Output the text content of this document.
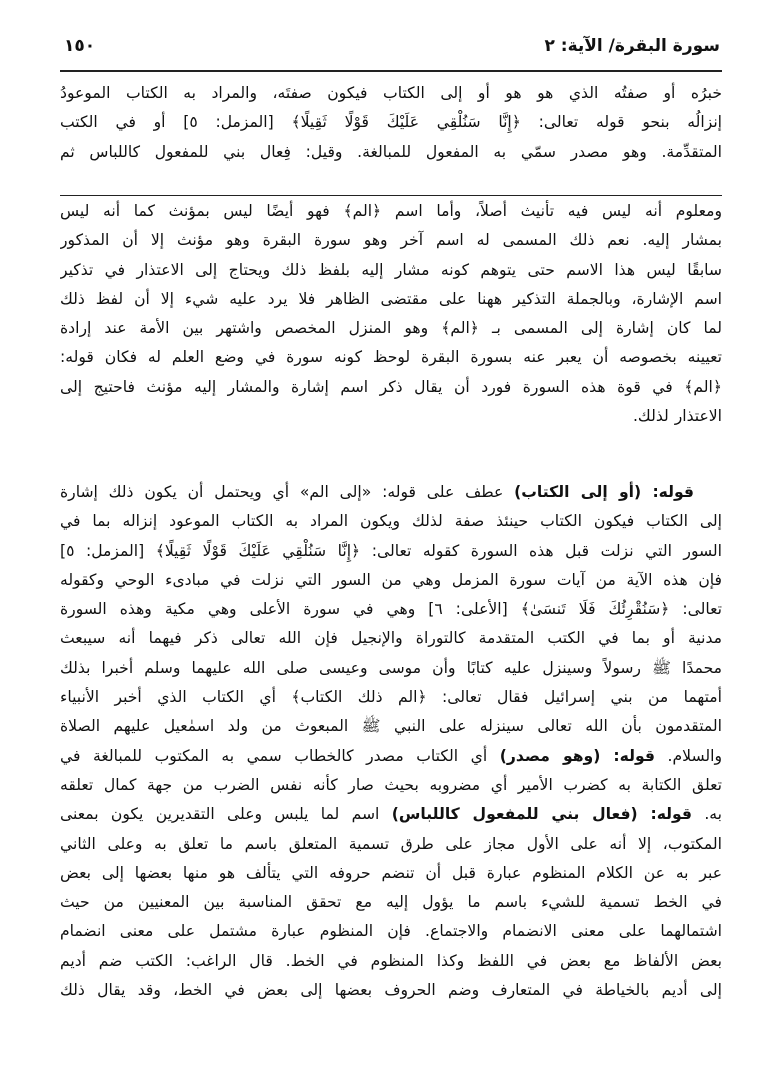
١٥٠	سورة البقرة/ الآية: ٢
خبرُه أو صفتُه الذي هو هو أو إلى الكتاب فيكون صفتَه، والمراد به الكتاب الموعودُ
إنزالُه بنحو قوله تعالى: ﴿إِنَّا سَنُلْقِي عَلَيْكَ قَوْلًا ثَقِيلًا﴾ [المزمل: ٥] أو في الكتب
المتقدِّمة. وهو مصدر سمّي به المفعول للمبالغة. وقيل: فِعال بني للمفعول كاللباس ثم
ومعلوم أنه ليس فيه تأنيث أصلاً، وأما اسم ﴿الم﴾ فهو أيضًا ليس بمؤنث كما أنه ليس
بمشار إليه. نعم ذلك المسمى له اسم آخر وهو سورة البقرة وهو مؤنث إلا أن المذكور
سابقًا ليس هذا الاسم حتى يتوهم كونه مشار إليه بلفظ ذلك ويحتاج إلى الاعتذار في تذكير
اسم الإشارة، وبالجملة التذكير ههنا على مقتضى الظاهر فلا يرد عليه شيء إلا أن لفظ ذلك
لما كان إشارة إلى المسمى بـ ﴿الم﴾ وهو المنزل المخصص واشتهر بين الأمة عند إرادة
تعيينه بخصوصه أن يعبر عنه بسورة البقرة لوحظ كونه سورة في وضع العلم له فكان قوله:
﴿الم﴾ في قوة هذه السورة فورد أن يقال ذكر اسم إشارة والمشار إليه مؤنث فاحتيج إلى
الاعتذار لذلك.
قوله: (أو إلى الكتاب) عطف على قوله: «إلى الم» أي ويحتمل أن يكون ذلك إشارة
إلى الكتاب فيكون الكتاب حينئذ صفة لذلك ويكون المراد به الكتاب الموعود إنزاله بما في
السور التي نزلت قبل هذه السورة كقوله تعالى: ﴿إِنَّا سَنُلْقِي عَلَيْكَ قَوْلًا ثَقِيلًا﴾ [المزمل: ٥]
فإن هذه الآية من آيات سورة المزمل وهي من السور التي نزلت في مبادىء الوحي وكقوله
تعالى: ﴿سَنُقْرِئُكَ فَلَا تَنسَىٰ﴾ [الأعلى: ٦] وهي في سورة الأعلى وهي مكية وهذه السورة
مدنية أو بما في الكتب المتقدمة كالتوراة والإنجيل فإن الله تعالى ذكر فيهما أنه سيبعث
محمدًا ﷺ رسولاً وسينزل عليه كتابًا وأن موسى وعيسى صلى الله عليهما وسلم أخبرا بذلك
أمتهما من بني إسرائيل فقال تعالى: ﴿الم ذلك الكتاب﴾ أي الكتاب الذي أخبر الأنبياء
المتقدمون بأن الله تعالى سينزله على النبي ﷺ المبعوث من ولد اسمٰعيل عليهم الصلاة
والسلام. قوله: (وهو مصدر) أي الكتاب مصدر كالخطاب سمي به المكتوب للمبالغة في
تعلق الكتابة به كضرب الأمير أي مضروبه بحيث صار كأنه نفس الضرب من جهة كمال تعلقه
به. قوله: (فعال بني للمفعول كاللباس) اسم لما يلبس وعلى التقديرين يكون بمعنى
المكتوب، إلا أنه على الأول مجاز على طرق تسمية المتعلق باسم ما تعلق به وعلى الثاني
عبر به عن الكلام المنظوم عبارة قبل أن تنضم حروفه التي يتألف هو منها بعضها إلى بعض
في الخط تسمية للشيء باسم ما يؤول إليه مع تحقق المناسبة بين المعنيين من حيث
اشتمالهما على معنى الانضمام والاجتماع. فإن المنظوم عبارة مشتمل على معنى انضمام
بعض الألفاظ مع بعض في اللفظ وكذا المنظوم في الخط. قال الراغب: الكتب ضم أديم
إلى أديم بالخياطة في المتعارف وضم الحروف بعضها إلى بعض في الخط، وقد يقال ذلك
